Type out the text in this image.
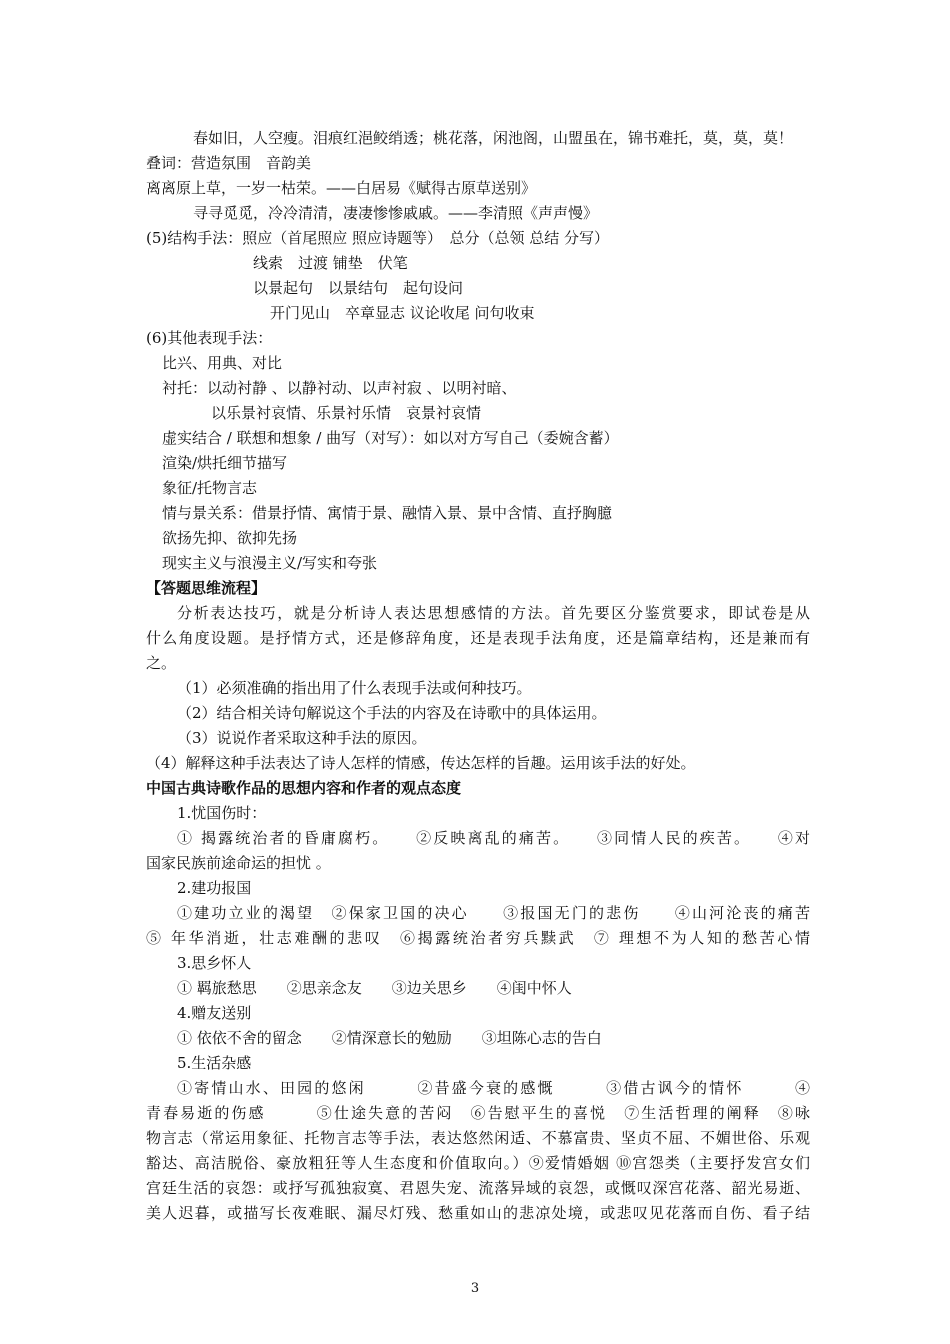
春如旧，人空瘦。泪痕红浥鲛绡透；桃花落，闲池阁，山盟虽在，锦书难托，莫，莫，莫！
叠词：营造氛围　音韵美
离离原上草，一岁一枯荣。——白居易《赋得古原草送别》
寻寻觅觅，冷冷清清，凄凄惨惨戚戚。——李清照《声声慢》
(5)结构手法：照应（首尾照应 照应诗题等）　总分（总领 总结 分写）
线索　过渡 铺垫　伏笔
以景起句　以景结句　起句设问
开门见山　卒章显志 议论收尾 问句收束
(6)其他表现手法：
比兴、用典、对比
衬托：以动衬静 、以静衬动、以声衬寂 、以明衬暗、
以乐景衬哀情、乐景衬乐情　哀景衬哀情
虚实结合 / 联想和想象 / 曲写（对写）：如以对方写自己（委婉含蓄）
渲染/烘托细节描写
象征/托物言志
情与景关系：借景抒情、寓情于景、融情入景、景中含情、直抒胸臆
欲扬先抑、欲抑先扬
现实主义与浪漫主义/写实和夸张
【答题思维流程】
分析表达技巧，就是分析诗人表达思想感情的方法。首先要区分鉴赏要求，即试卷是从
什么角度设题。是抒情方式，还是修辞角度，还是表现手法角度，还是篇章结构，还是兼而有
之。
（1）必须准确的指出用了什么表现手法或何种技巧。
（2）结合相关诗句解说这个手法的内容及在诗歌中的具体运用。
（3）说说作者采取这种手法的原因。
（4）解释这种手法表达了诗人怎样的情感，传达怎样的旨趣。运用该手法的好处。
中国古典诗歌作品的思想内容和作者的观点态度
1.忧国伤时：
① 揭露统治者的昏庸腐朽。　　②反映离乱的痛苦。　　③同情人民的疾苦。　　④对
国家民族前途命运的担忧 。
2.建功报国
①建功立业的渴望　②保家卫国的决心　　③报国无门的悲伤　　④山河沦丧的痛苦
⑤ 年华消逝，壮志难酬的悲叹　⑥揭露统治者穷兵黩武　⑦ 理想不为人知的愁苦心情
3.思乡怀人
① 羁旅愁思　　②思亲念友　　③边关思乡　　④闺中怀人
4.赠友送别
① 依依不舍的留念　　②情深意长的勉励　　③坦陈心志的告白
5.生活杂感
①寄情山水、田园的悠闲　　　②昔盛今衰的感慨　　　③借古讽今的情怀　　　④
青春易逝的伤感　　　⑤仕途失意的苦闷　⑥告慰平生的喜悦　⑦生活哲理的阐释　⑧咏
物言志（常运用象征、托物言志等手法，表达悠然闲适、不慕富贵、坚贞不屈、不媚世俗、乐观
豁达、高洁脱俗、豪放粗狂等人生态度和价值取向。）⑨爱情婚姻 ⑩宫怨类（主要抒发宫女们
宫廷生活的哀怨：或抒写孤独寂寞、君恩失宠、流落异域的哀怨，或慨叹深宫花落、韶光易逝、
美人迟暮，或描写长夜难眠、漏尽灯残、愁重如山的悲凉处境，或悲叹见花落而自伤、看子结
3
